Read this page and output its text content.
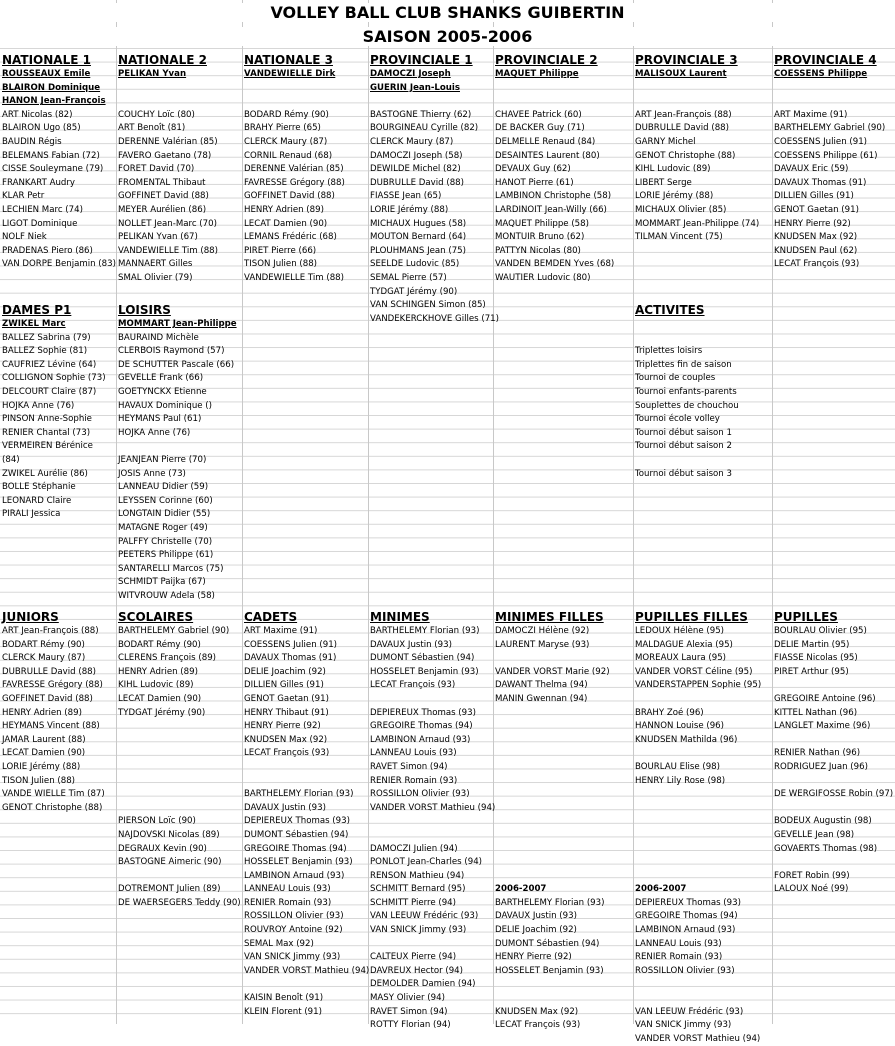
VOLLEY BALL CLUB SHANKS GUIBERTIN
SAISON 2005-2006
NATIONALE 1
ROUSSEAUX Emile
BLAIRON Dominique
HANON Jean-François
ART Nicolas (82)
BLAIRON Ugo (85)
BAUDIN Régis
BELEMANS Fabian (72)
CISSE Souleymane (79)
FRANKART Audry
KLAR Petr
LECHIEN Marc (74)
LIGOT Dominique
NOLF Niek
PRADENAS Piero (86)
VAN DORPE Benjamin (83)
NATIONALE 2
PELIKAN Yvan
COUCHY Loïc (80)
ART Benoît (81)
DERENNE Valérian (85)
FAVERO Gaetano (78)
FORET David (70)
FROMENTAL Thibaut
GOFFINET David (88)
MEYER Aurélien (86)
NOLLET Jean-Marc (70)
PELIKAN Yvan (67)
VANDEWIELLE Tim (88)
MANNAERT Gilles
SMAL Olivier (79)
NATIONALE 3
VANDEWIELLE Dirk
BODARD Rémy (90)
BRAHY Pierre (65)
CLERCK Maury (87)
CORNIL Renaud (68)
DERENNE Valérian (85)
FAVRESSE Grégory (88)
GOFFINET David (88)
HENRY Adrien (89)
LECAT Damien (90)
LEMANS Frédéric (68)
PIRET Pierre (66)
TISON Julien (88)
VANDEWIELLE Tim (88)
PROVINCIALE 1
DAMOCZI Joseph
GUERIN Jean-Louis
BASTOGNE Thierry (62)
BOURGINEAU Cyrille (82)
CLERCK Maury (87)
DAMOCZI Joseph (58)
DEWILDE Michel (82)
DUBRULLE David (88)
FIASSE Jean (65)
LORIE Jérémy (88)
MICHAUX Hugues (58)
MOUTON Bernard (64)
PLOUHMANS Jean (75)
SEELDE Ludovic (85)
SEMAL Pierre (57)
TYDGAT Jérémy (90)
VAN SCHINGEN Simon (85)
VANDEKERCKHOVE Gilles (71)
PROVINCIALE 2
MAQUET Philippe
CHAVEE Patrick (60)
DE BACKER Guy (71)
DELMELLE Renaud (84)
DESAINTES Laurent (80)
DEVAUX Guy (62)
HANOT Pierre (61)
LAMBINON Christophe (58)
LARDINOIT Jean-Willy (66)
MAQUET Philippe (58)
MONTUIR Bruno (62)
PATTYN Nicolas (80)
VANDEN BEMDEN Yves (68)
WAUTIER Ludovic (80)
PROVINCIALE 3
MALISOUX Laurent
ART Jean-François (88)
DUBRULLE David (88)
GARNY Michel
GENOT Christophe (88)
KIHL Ludovic (89)
LIBERT Serge
LORIE Jérémy (88)
MICHAUX Olivier (85)
MOMMART Jean-Philippe (74)
TILMAN Vincent (75)
PROVINCIALE 4
COESSENS Philippe
ART Maxime (91)
BARTHELEMY Gabriel (90)
COESSENS Julien (91)
COESSENS Philippe (61)
DAVAUX Eric (59)
DAVAUX Thomas (91)
DILLIEN Gilles (91)
GENOT Gaetan (91)
HENRY Pierre (92)
KNUDSEN Max (92)
KNUDSEN Paul (62)
LECAT François (93)
DAMES P1
ZWIKEL Marc
BALLEZ Sabrina (79)
BALLEZ Sophie (81)
CAUFRIEZ Lévine (64)
COLLIGNON Sophie (73)
DELCOURT Claire (87)
HOJKA Anne (76)
PINSON Anne-Sophie
RENIER Chantal (73)
VERMEIREN Bérénice
(84)
ZWIKEL Aurélie (86)
BOLLE Stéphanie
LEONARD Claire
PIRALI Jessica
LOISIRS
MOMMART Jean-Philippe
BAURAIND Michèle
CLERBOIS Raymond (57)
DE SCHUTTER Pascale (66)
GEVELLE Frank (66)
GOETYNCKX Etienne
HAVAUX Dominique ()
HEYMANS Paul (61)
HOJKA Anne (76)
JEANJEAN Pierre (70)
JOSIS Anne (73)
LANNEAU Didier (59)
LEYSSEN Corinne (60)
LONGTAIN Didier (55)
MATAGNE Roger (49)
PALFFY Christelle (70)
PEETERS Philippe (61)
SANTARELLI Marcos (75)
SCHMIDT Paijka (67)
WITVROUW Adela (58)
ACTIVITES
Triplettes loisirs
Triplettes fin de saison
Tournoi de couples
Tournoi enfants-parents
Souplettes de chouchou
Tournoi école volley
Tournoi début saison 1
Tournoi début saison 2
Tournoi début saison 3
JUNIORS
ART Jean-François (88)
BODART Rémy (90)
CLERCK Maury (87)
DUBRULLE David (88)
FAVRESSE Grégory (88)
GOFFINET David (88)
HENRY Adrien (89)
HEYMANS Vincent (88)
JAMAR Laurent (88)
LECAT Damien (90)
LORIE Jérémy (88)
TISON Julien (88)
VANDE WIELLE Tim (87)
GENOT Christophe (88)
SCOLAIRES
BARTHELEMY Gabriel (90)
BODART Rémy (90)
CLERENS François (89)
HENRY Adrien (89)
KIHL Ludovic (89)
LECAT Damien (90)
TYDGAT Jérémy (90)
PIERSON Loïc (90)
NAJDOVSKI Nicolas (89)
DEGRAUX Kevin (90)
BASTOGNE Aimeric (90)
DOTREMONT Julien (89)
DE WAERSEGERS Teddy (90)
CADETS
ART Maxime (91)
COESSENS Julien (91)
DAVAUX Thomas (91)
DELIE Joachim (92)
DILLIEN Gilles (91)
GENOT Gaetan (91)
HENRY Thibaut (91)
HENRY Pierre (92)
KNUDSEN Max (92)
LECAT François (93)
BARTHELEMY Florian (93)
DAVAUX Justin (93)
DEPIEREUX Thomas (93)
DUMONT Sébastien (94)
GREGOIRE Thomas (94)
HOSSELET Benjamin (93)
LAMBINON Arnaud (93)
LANNEAU Louis (93)
RENIER Romain (93)
ROSSILLON Olivier (93)
ROUVROY Antoine (92)
SEMAL Max (92)
VAN SNICK Jimmy (93)
VANDER VORST Mathieu (94)
KAISIN Benoît (91)
KLEIN Florent (91)
MINIMES
BARTHELEMY Florian (93)
DAVAUX Justin (93)
DUMONT Sébastien (94)
HOSSELET Benjamin (93)
LECAT François (93)
DEPIEREUX Thomas (93)
GREGOIRE Thomas (94)
LAMBINON Arnaud (93)
LANNEAU Louis (93)
RAVET Simon (94)
RENIER Romain (93)
ROSSILLON Olivier (93)
VANDER VORST Mathieu (94)
DAMOCZI Julien (94)
PONLOT Jean-Charles (94)
RENSON Mathieu (94)
SCHMITT Bernard (95)
SCHMITT Pierre (94)
VAN LEEUW Frédéric (93)
VAN SNICK Jimmy (93)
CALTEUX Pierre (94)
DAVREUX Hector (94)
DEMOLDER Damien (94)
MASY Olivier (94)
RAVET Simon (94)
ROTTY Florian (94)
MINIMES FILLES
DAMOCZI Hélène (92)
LAURENT Maryse (93)
VANDER VORST Marie (92)
DAWANT Thelma (94)
MANIN Gwennan (94)
2006-2007
BARTHELEMY Florian (93)
DAVAUX Justin (93)
DELIE Joachim (92)
DUMONT Sébastien (94)
HENRY Pierre (92)
HOSSELET Benjamin (93)
KNUDSEN Max (92)
LECAT François (93)
PUPILLES FILLES
LEDOUX Hélène (95)
MALDAGUE Alexia (95)
MOREAUX Laura (95)
VANDER VORST Céline (95)
VANDERSTAPPEN Sophie (95)
BRAHY Zoé (96)
HANNON Louise (96)
KNUDSEN Mathilda (96)
BOURLAU Elise (98)
HENRY Lily Rose (98)
2006-2007
DEPIEREUX Thomas (93)
GREGOIRE Thomas (94)
LAMBINON Arnaud (93)
LANNEAU Louis (93)
RENIER Romain (93)
ROSSILLON Olivier (93)
VAN LEEUW Frédéric (93)
VAN SNICK Jimmy (93)
VANDER VORST Mathieu (94)
PUPILLES
BOURLAU Olivier (95)
DELIE Martin (95)
FIASSE Nicolas (95)
PIRET Arthur (95)
GREGOIRE Antoine (96)
KITTEL Nathan (96)
LANGLET Maxime (96)
RENIER Nathan (96)
RODRIGUEZ Juan (96)
DE WERGIFOSSE Robin (97)
BODEUX Augustin (98)
GEVELLE Jean (98)
GOVAERTS Thomas (98)
FORET Robin (99)
LALOUX Noé (99)
